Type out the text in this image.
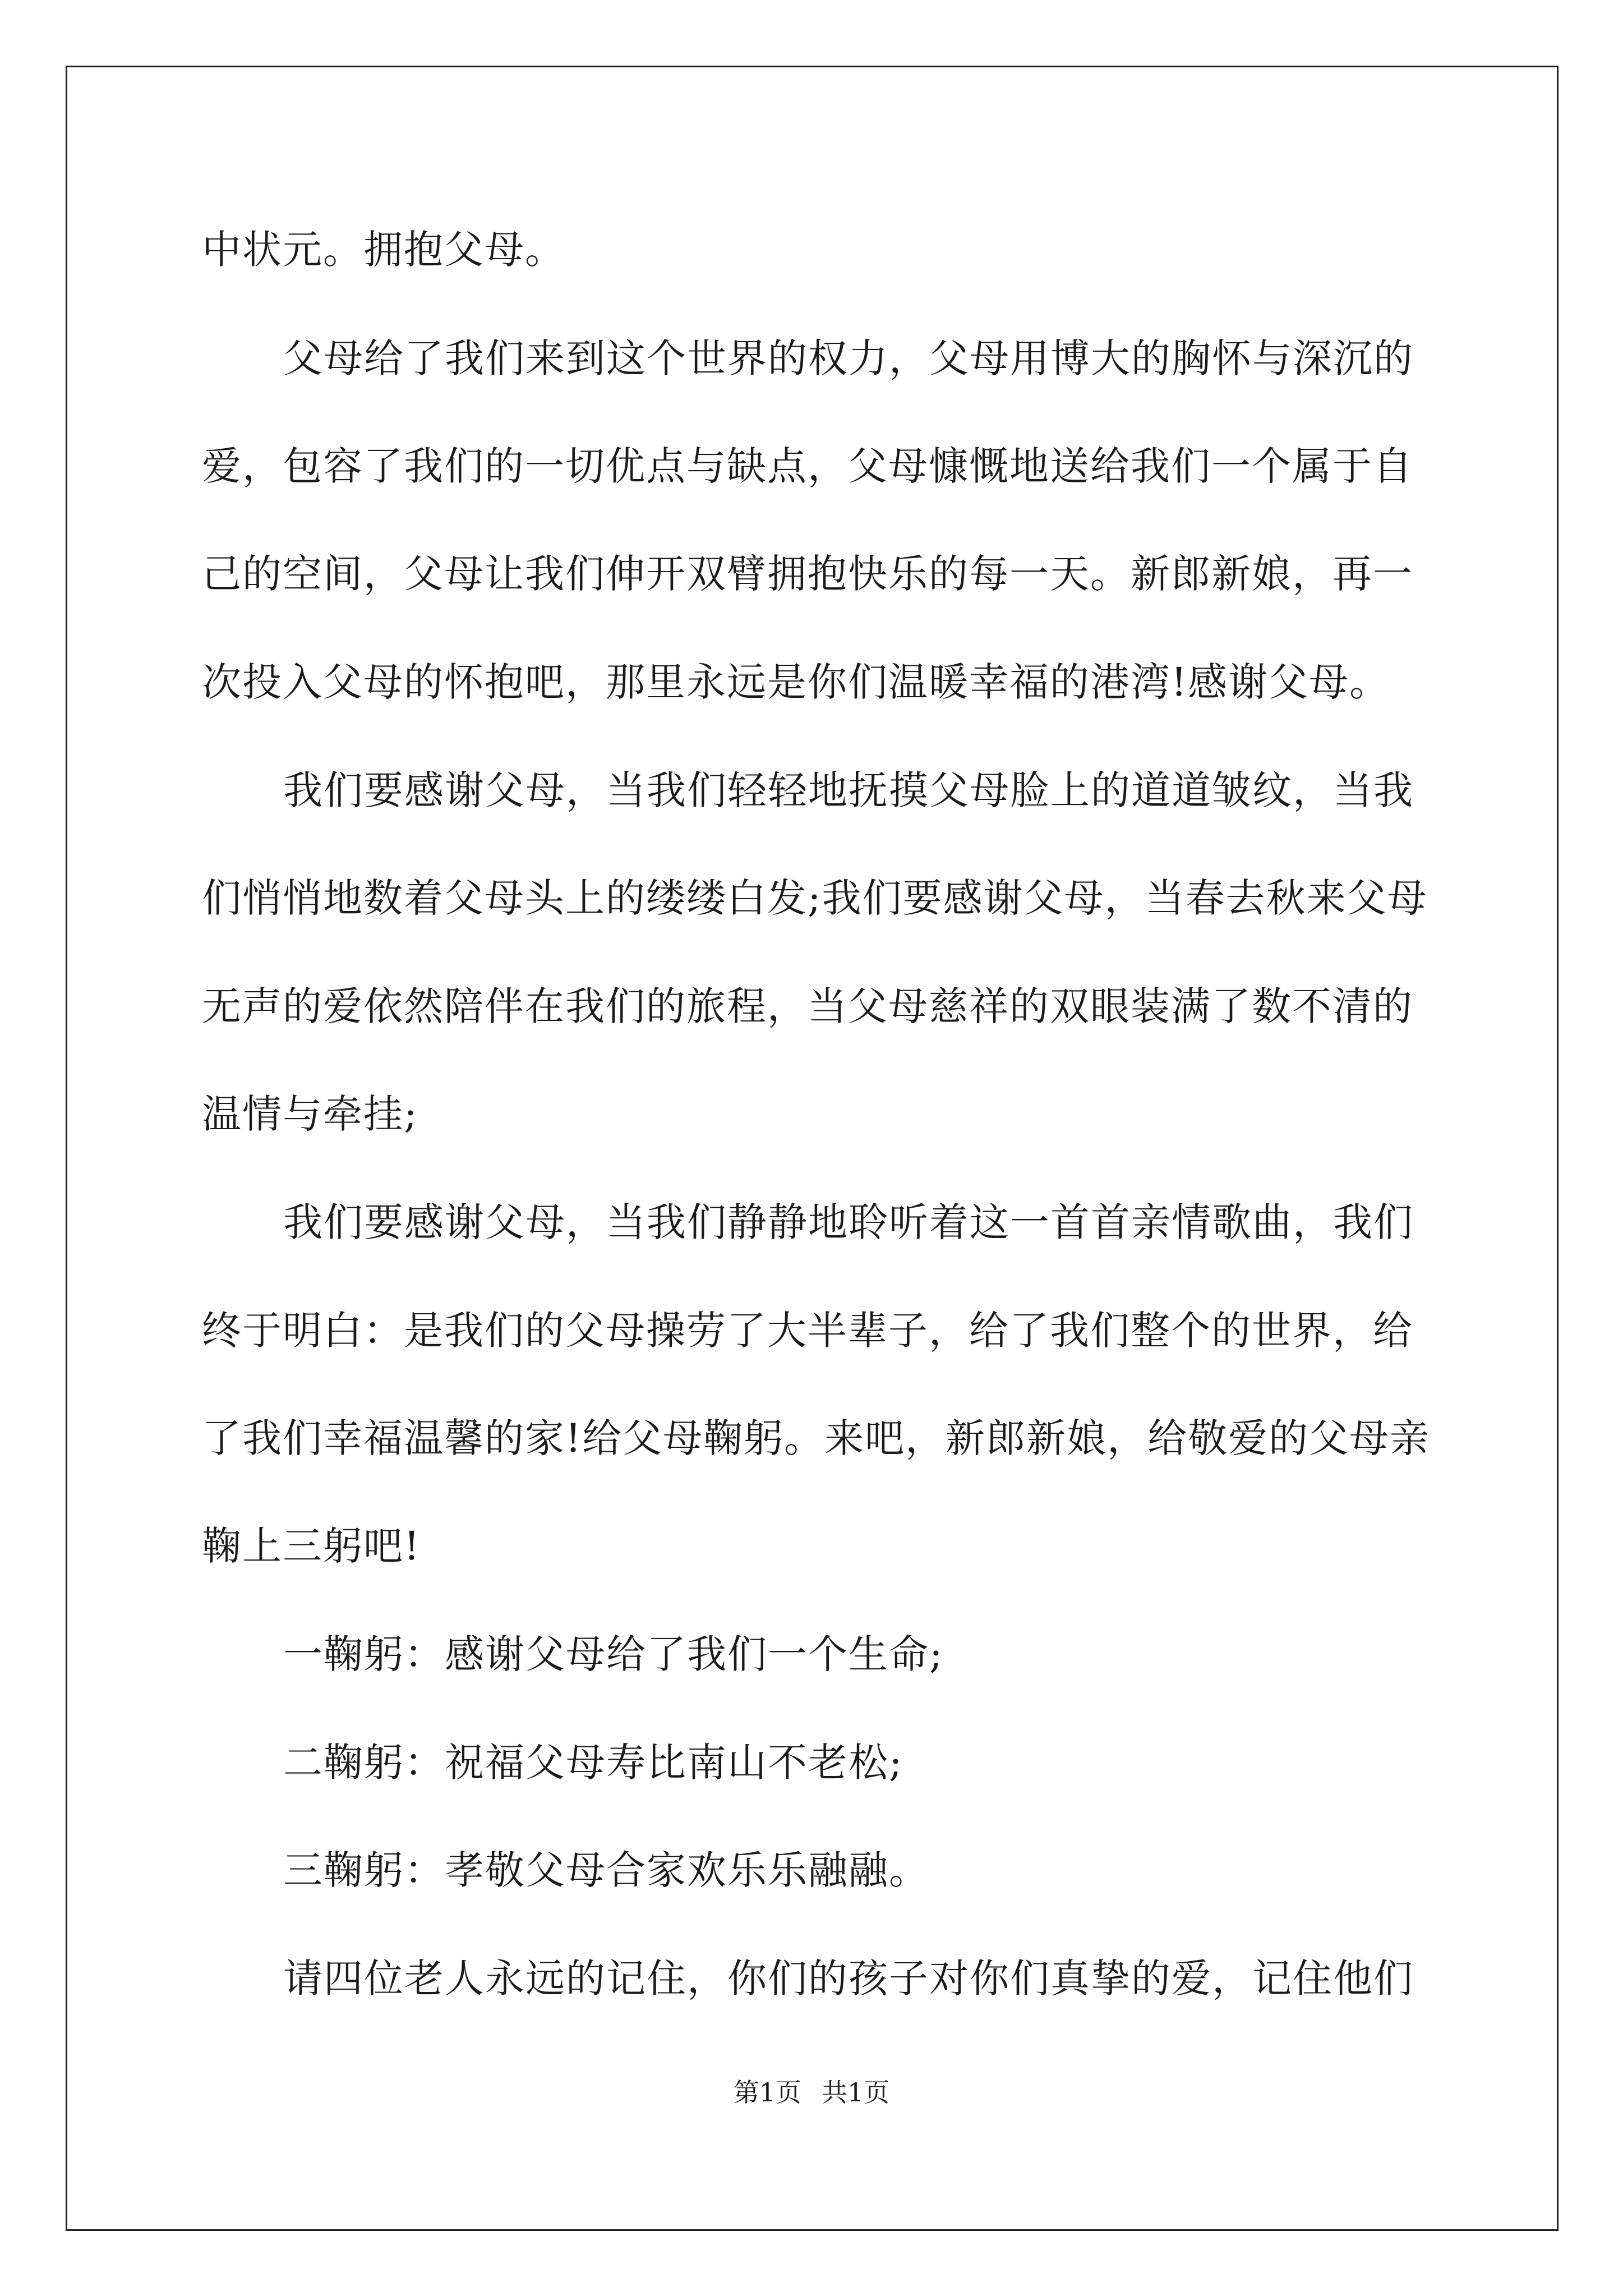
中状元。拥抱父母。
父母给了我们来到这个世界的权力，父母用博大的胸怀与深沉的
爱，包容了我们的一切优点与缺点，父母慷慨地送给我们一个属于自
己的空间，父母让我们伸开双臂拥抱快乐的每一天。新郎新娘，再一
次投入父母的怀抱吧，那里永远是你们温暖幸福的港湾!感谢父母。
我们要感谢父母，当我们轻轻地抚摸父母脸上的道道皱纹，当我
们悄悄地数着父母头上的缕缕白发;我们要感谢父母，当春去秋来父母
无声的爱依然陪伴在我们的旅程，当父母慈祥的双眼装满了数不清的
温情与牵挂;
我们要感谢父母，当我们静静地聆听着这一首首亲情歌曲，我们
终于明白：是我们的父母操劳了大半辈子，给了我们整个的世界，给
了我们幸福温馨的家!给父母鞠躬。来吧，新郎新娘，给敬爱的父母亲
鞠上三躬吧!
一鞠躬：感谢父母给了我们一个生命;
二鞠躬：祝福父母寿比南山不老松;
三鞠躬：孝敬父母合家欢乐乐融融。
请四位老人永远的记住，你们的孩子对你们真挚的爱，记住他们
第1页 共1页
